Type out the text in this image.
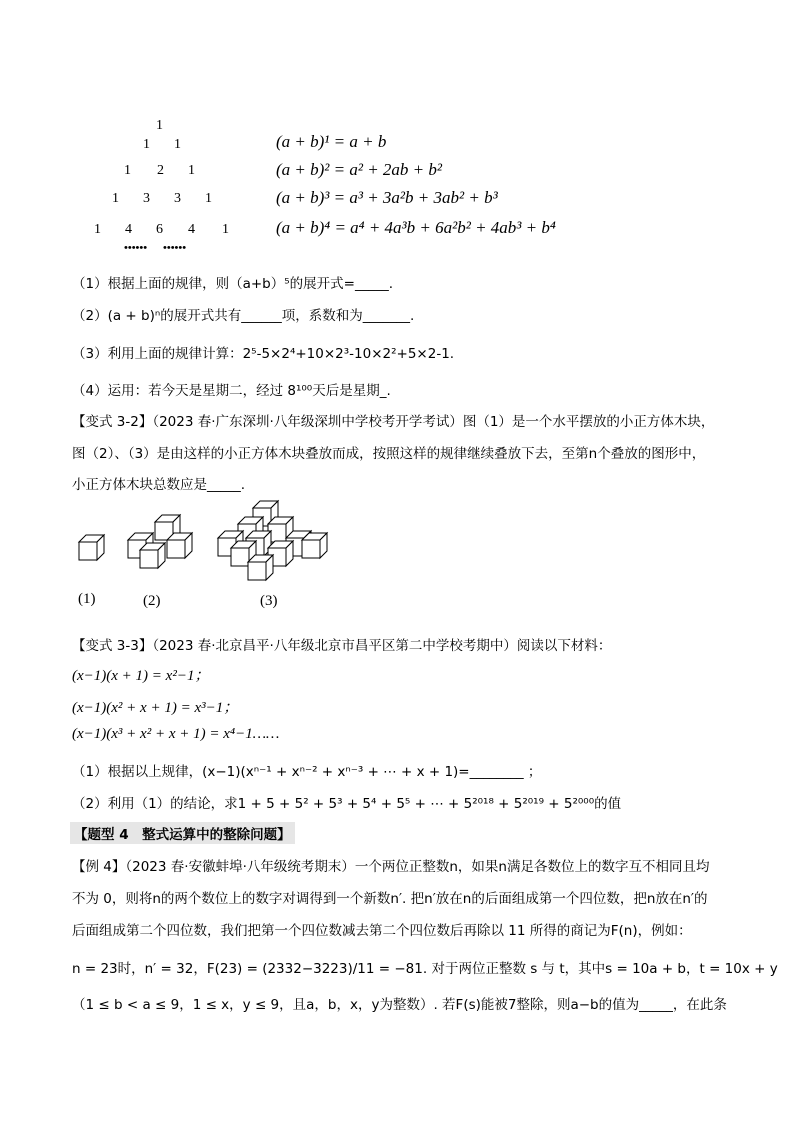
1
1 1
1 2 1
1 3 3 1
1 4 6 4 1
•••••• ••••••
(a + b)¹ = a + b
(a + b)² = a² + 2ab + b²
(a + b)³ = a³ + 3a²b + 3ab² + b³
(a + b)⁴ = a⁴ + 4a³b + 6a²b² + 4ab³ + b⁴
（1）根据上面的规律，则（a+b）⁵的展开式=_____.
（2）(a + b)ⁿ的展开式共有______项，系数和为_______.
（3）利用上面的规律计算：2⁵-5×2⁴+10×2³-10×2²+5×2-1.
（4）运用：若今天是星期二，经过 8¹⁰⁰天后是星期_.
【变式 3-2】（2023 春·广东深圳·八年级深圳中学校考开学考试）图（1）是一个水平摆放的小正方体木块，
图（2）、（3）是由这样的小正方体木块叠放而成，按照这样的规律继续叠放下去，至第n个叠放的图形中，
小正方体木块总数应是_____.
(1)	(2)	(3)
【变式 3-3】（2023 春·北京昌平·八年级北京市昌平区第二中学校考期中）阅读以下材料：
(x−1)(x + 1) = x²−1；
(x−1)(x² + x + 1) = x³−1；
(x−1)(x³ + x² + x + 1) = x⁴−1……
（1）根据以上规律，(x−1)(xⁿ⁻¹ + xⁿ⁻² + xⁿ⁻³ + ⋯ + x + 1)=________ ；
（2）利用（1）的结论，求1 + 5 + 5² + 5³ + 5⁴ + 5⁵ + ⋯ + 5²⁰¹⁸ + 5²⁰¹⁹ + 5²⁰⁰⁰的值
【题型 4　整式运算中的整除问题】
【例 4】（2023 春·安徽蚌埠·八年级统考期末）一个两位正整数n，如果n满足各数位上的数字互不相同且均
不为 0，则将n的两个数位上的数字对调得到一个新数n′. 把n′放在n的后面组成第一个四位数，把n放在n′的
后面组成第二个四位数，我们把第一个四位数减去第二个四位数后再除以 11 所得的商记为F(n)，例如：
n = 23时，n′ = 32，F(23) = (2332−3223)/11 = −81. 对于两位正整数 s 与 t，其中s = 10a + b，t = 10x + y
（1 ≤ b < a ≤ 9，1 ≤ x，y ≤ 9，且a，b，x，y为整数）. 若F(s)能被7整除，则a−b的值为_____，在此条
